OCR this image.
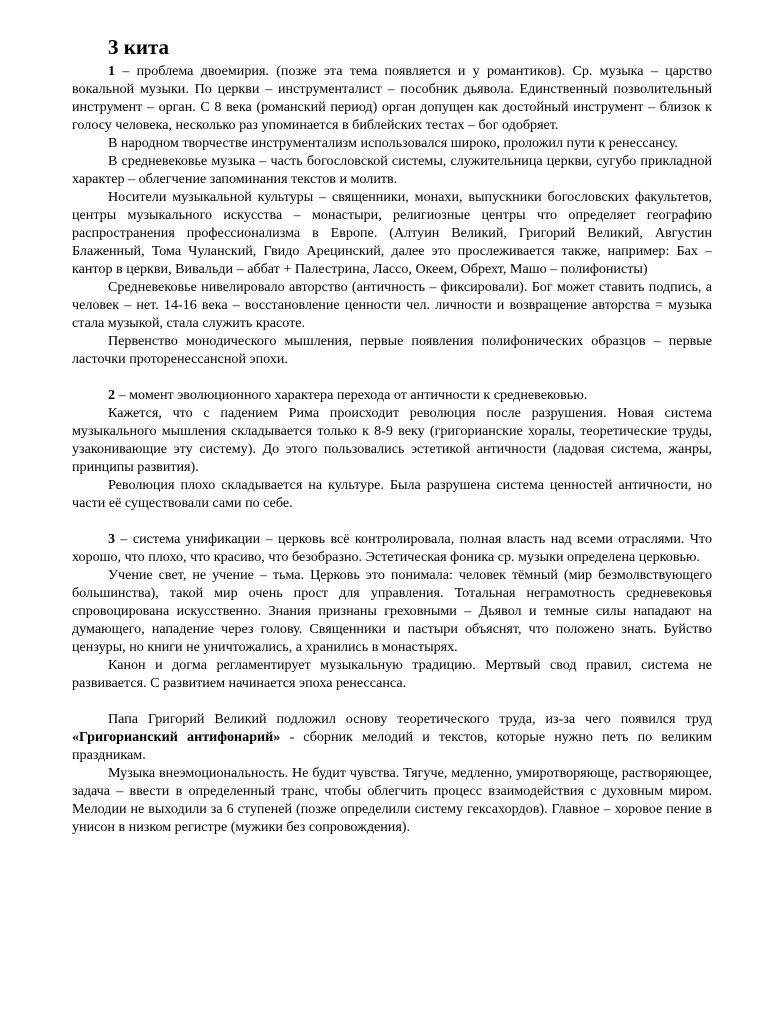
3 кита

1 – проблема двоемирия. (позже эта тема появляется и у романтиков). Ср. музыка – царство вокальной музыки. По церкви – инструменталист – пособник дьявола. Единственный позволительный инструмент – орган. С 8 века (романский период) орган допущен как достойный инструмент – близок к голосу человека, несколько раз упоминается в библейских тестах – бог одобряет.

В народном творчестве инструментализм использовался широко, проложил пути к ренессансу.

В средневековье музыка – часть богословской системы, служительница церкви, сугубо прикладной характер – облегчение запоминания текстов и молитв.

Носители музыкальной культуры – священники, монахи, выпускники богословских факультетов, центры музыкального искусства – монастыри, религиозные центры что определяет географию распространения профессионализма в Европе. (Алтуин Великий, Григорий Великий, Августин Блаженный, Тома Чуланский, Гвидо Арецинский, далее это прослеживается также, например: Бах – кантор в церкви, Вивальди – аббат + Палестрина, Лассо, Океем, Обрехт, Машо – полифонисты)

Средневековье нивелировало авторство (античность – фиксировали). Бог может ставить подпись, а человек – нет. 14-16 века – восстановление ценности чел. личности и возвращение авторства = музыка стала музыкой, стала служить красоте.

Первенство монодического мышления, первые появления полифонических образцов – первые ласточки проторенессансной эпохи.

2 – момент эволюционного характера перехода от античности к средневековью.

Кажется, что с падением Рима происходит революция после разрушения. Новая система музыкального мышления складывается только к 8-9 веку (григорианские хоралы, теоретические труды, узаконивающие эту систему). До этого пользовались эстетикой античности (ладовая система, жанры, принципы развития).

Революция плохо складывается на культуре. Была разрушена система ценностей античности, но части её существовали сами по себе.

3 – система унификации – церковь всё контролировала, полная власть над всеми отраслями. Что хорошо, что плохо, что красиво, что безобразно. Эстетическая фоника ср. музыки определена церковью.

Учение свет, не учение – тьма. Церковь это понимала: человек тёмный (мир безмолвствующего большинства), такой мир очень прост для управления. Тотальная неграмотность средневековья спровоцирована искусственно. Знания признаны греховными – Дьявол и темные силы нападают на думающего, нападение через голову. Священники и пастыри объяснят, что положено знать. Буйство цензуры, но книги не уничтожались, а хранились в монастырях.

Канон и догма регламентирует музыкальную традицию. Мертвый свод правил, система не развивается. С развитием начинается эпоха ренессанса.

Папа Григорий Великий подложил основу теоретического труда, из-за чего появился труд «Григорианский антифонарий» - сборник мелодий и текстов, которые нужно петь по великим праздникам.

Музыка внеэмоциональность. Не будит чувства. Тягуче, медленно, умиротворяюще, растворяющее, задача – ввести в определенный транс, чтобы облегчить процесс взаимодействия с духовным миром. Мелодии не выходили за 6 ступеней (позже определили систему гексахордов). Главное – хоровое пение в унисон в низком регистре (мужики без сопровождения).
